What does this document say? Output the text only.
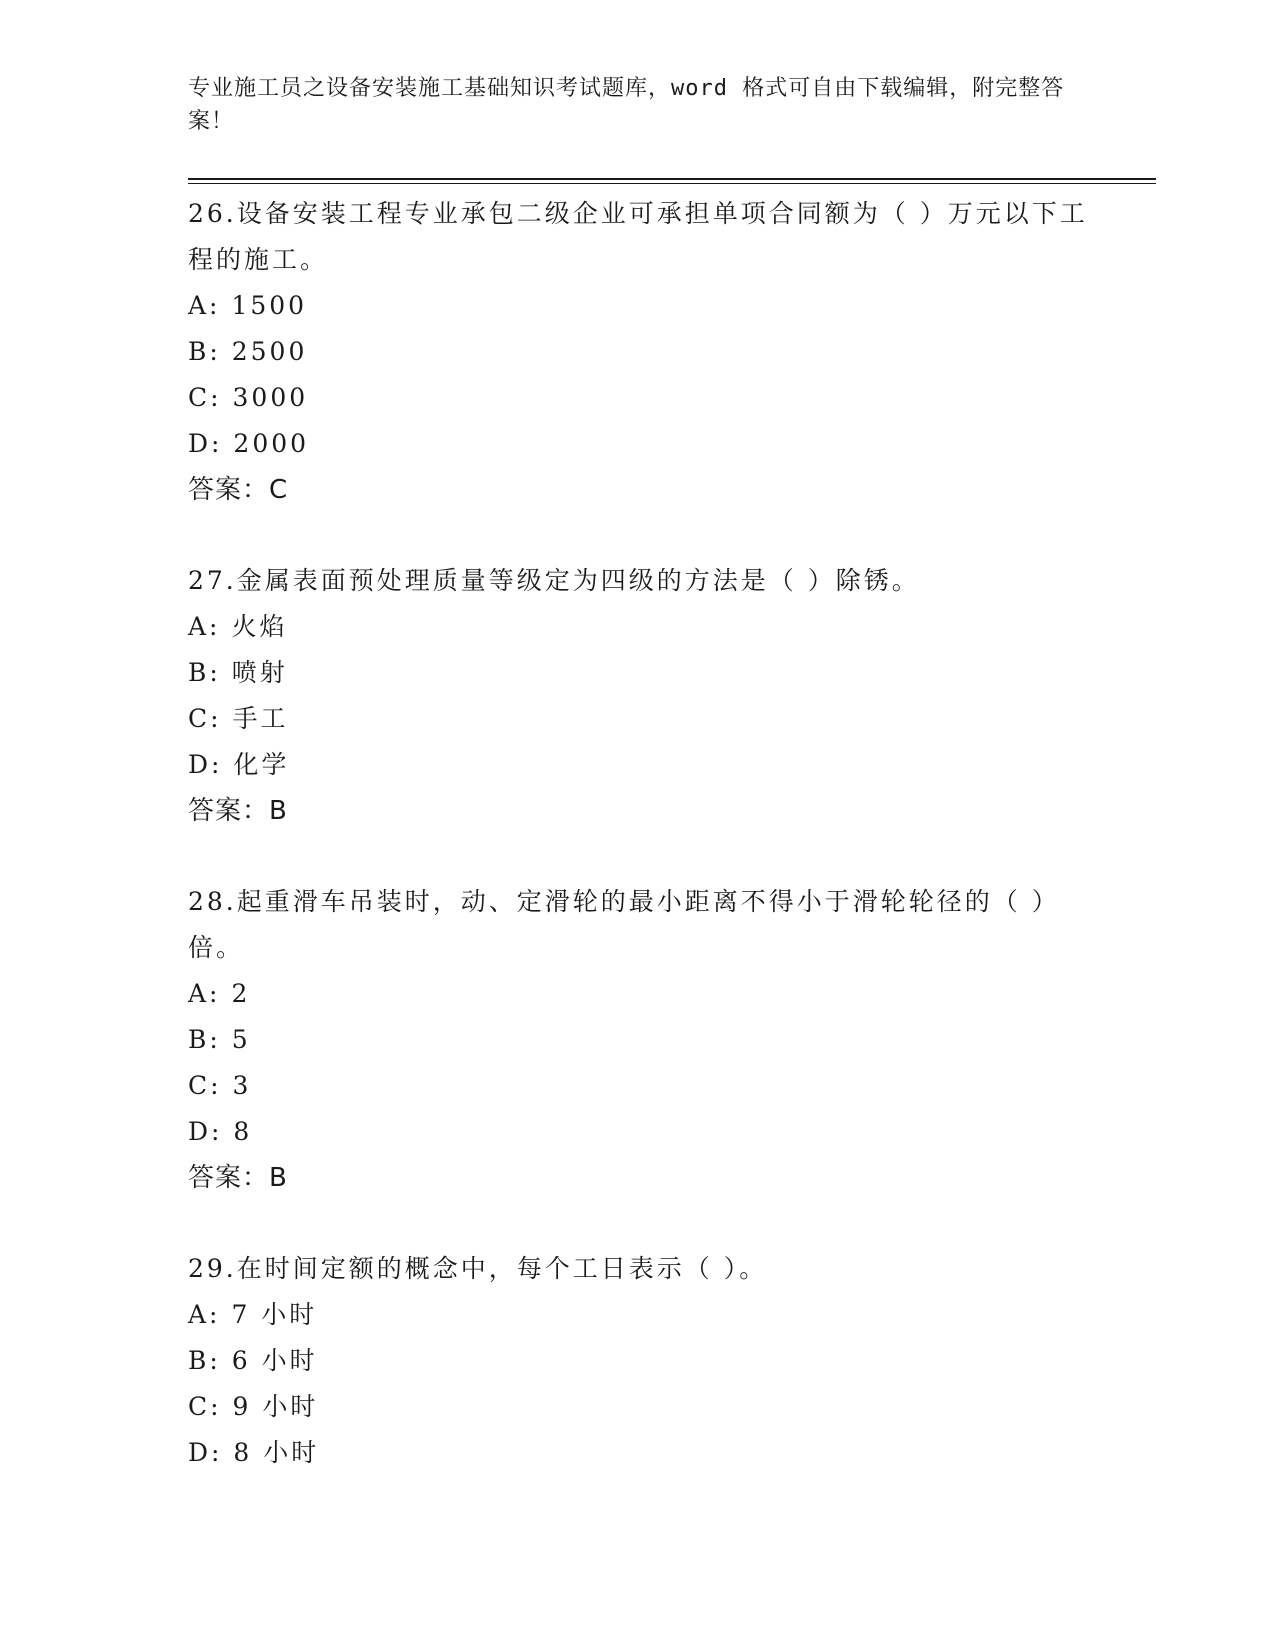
专业施工员之设备安装施工基础知识考试题库，word 格式可自由下载编辑，附完整答案！
26.设备安装工程专业承包二级企业可承担单项合同额为（ ）万元以下工程的施工。
A: 1500
B: 2500
C: 3000
D: 2000
答案：C
27.金属表面预处理质量等级定为四级的方法是（ ）除锈。
A: 火焰
B: 喷射
C: 手工
D: 化学
答案：B
28.起重滑车吊装时，动、定滑轮的最小距离不得小于滑轮轮径的（ ）倍。
A: 2
B: 5
C: 3
D: 8
答案：B
29.在时间定额的概念中，每个工日表示（ ）。
A: 7 小时
B: 6 小时
C: 9 小时
D: 8 小时
